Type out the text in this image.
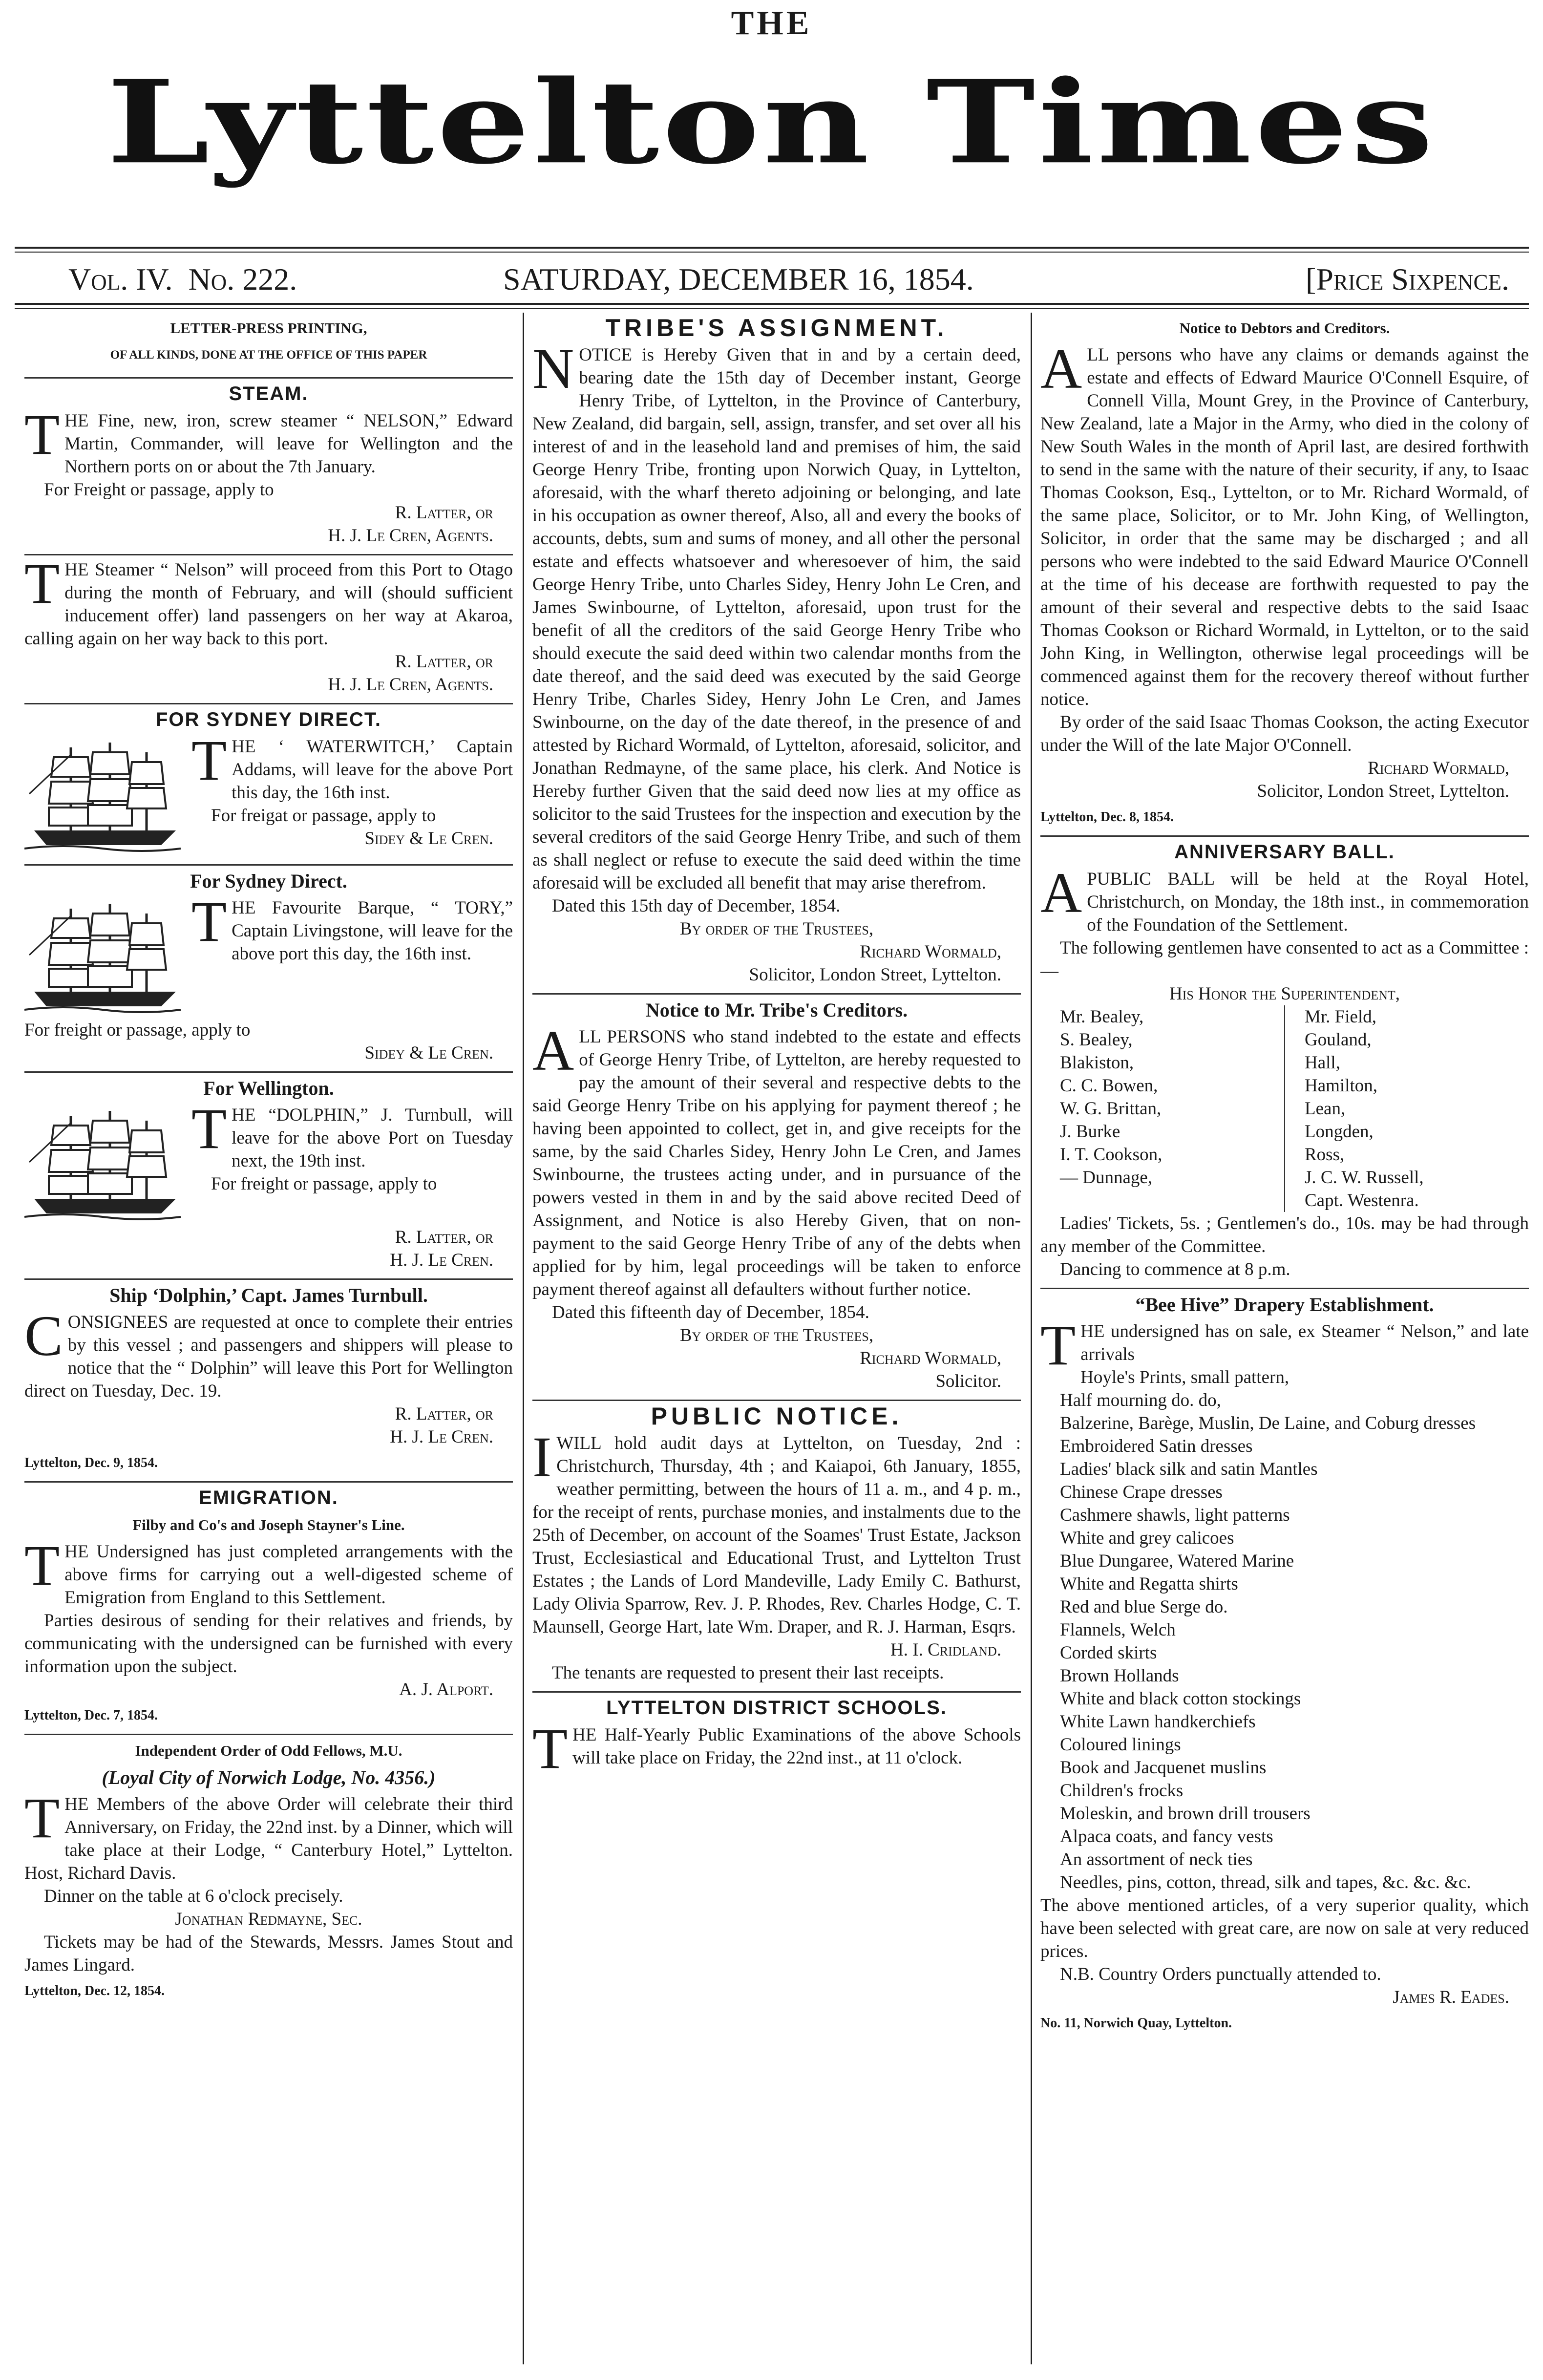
THE
Lyttelton Times
Vol. IV. No. 222.	SATURDAY, DECEMBER 16, 1854.	[Price Sixpence.
LETTER-PRESS PRINTING,
OF ALL KINDS, DONE AT THE OFFICE OF THIS PAPER
STEAM.

THE Fine, new, iron, screw steamer “ NELSON,” Edward Martin, Commander, will leave for Wellington and the Northern ports on or about the 7th January.

For Freight or passage, apply to

R. Latter, or
H. J. Le Cren, Agents.

THE Steamer “ Nelson” will proceed from this Port to Otago during the month of February, and will (should sufficient inducement offer) land passengers on her way at Akaroa, calling again on her way back to this port.

R. Latter, or
H. J. Le Cren, Agents.
FOR SYDNEY DIRECT.

THE ‘ WATERWITCH,’ Captain Addams, will leave for the above Port this day, the 16th inst.

For freigat or passage, apply to

Sidey & Le Cren.
For Sydney Direct.

THE Favourite Barque, “ TORY,” Captain Livingstone, will leave for the above port this day, the 16th inst.

For freight or passage, apply to

Sidey & Le Cren.
For Wellington.

THE “DOLPHIN,” J. Turnbull, will leave for the above Port on Tuesday next, the 19th inst.

For freight or passage, apply to

R. Latter, or
H. J. Le Cren.
Ship ‘Dolphin,’ Capt. James Turnbull.

CONSIGNEES are requested at once to complete their entries by this vessel ; and passengers and shippers will please to notice that the “ Dolphin” will leave this Port for Wellington direct on Tuesday, Dec. 19.

R. Latter, or
H. J. Le Cren.
Lyttelton, Dec. 9, 1854.
EMIGRATION.
Filby and Co's and Joseph Stayner's Line.

THE Undersigned has just completed arrangements with the above firms for carrying out a well-digested scheme of Emigration from England to this Settlement.

Parties desirous of sending for their relatives and friends, by communicating with the undersigned can be furnished with every information upon the subject.

A. J. Alport.
Lyttelton, Dec. 7, 1854.
Independent Order of Odd Fellows, M.U.
(Loyal City of Norwich Lodge, No. 4356.)

THE Members of the above Order will celebrate their third Anniversary, on Friday, the 22nd inst. by a Dinner, which will take place at their Lodge, “ Canterbury Hotel,” Lyttelton. Host, Richard Davis.

Dinner on the table at 6 o'clock precisely.

Jonathan Redmayne, Sec.

Tickets may be had of the Stewards, Messrs. James Stout and James Lingard.

Lyttelton, Dec. 12, 1854.
TRIBE'S ASSIGNMENT.

NOTICE is Hereby Given that in and by a certain deed, bearing date the 15th day of December instant, George Henry Tribe, of Lyttelton, in the Province of Canterbury, New Zealand, did bargain, sell, assign, transfer, and set over all his interest of and in the leasehold land and premises of him, the said George Henry Tribe, fronting upon Norwich Quay, in Lyttelton, aforesaid, with the wharf thereto adjoining or belonging, and late in his occupation as owner thereof, Also, all and every the books of accounts, debts, sum and sums of money, and all other the personal estate and effects whatsoever and wheresoever of him, the said George Henry Tribe, unto Charles Sidey, Henry John Le Cren, and James Swinbourne, of Lyttelton, aforesaid, upon trust for the benefit of all the creditors of the said George Henry Tribe who should execute the said deed within two calendar months from the date thereof, and the said deed was executed by the said George Henry Tribe, Charles Sidey, Henry John Le Cren, and James Swinbourne, on the day of the date thereof, in the presence of and attested by Richard Wormald, of Lyttelton, aforesaid, solicitor, and Jonathan Redmayne, of the same place, his clerk. And Notice is Hereby further Given that the said deed now lies at my office as solicitor to the said Trustees for the inspection and execution by the several creditors of the said George Henry Tribe, and such of them as shall neglect or refuse to execute the said deed within the time aforesaid will be excluded all benefit that may arise therefrom.

Dated this 15th day of December, 1854.

By order of the Trustees,
Richard Wormald,
Solicitor, London Street, Lyttelton.
Notice to Mr. Tribe's Creditors.

ALL PERSONS who stand indebted to the estate and effects of George Henry Tribe, of Lyttelton, are hereby requested to pay the amount of their several and respective debts to the said George Henry Tribe on his applying for payment thereof ; he having been appointed to collect, get in, and give receipts for the same, by the said Charles Sidey, Henry John Le Cren, and James Swinbourne, the trustees acting under, and in pursuance of the powers vested in them in and by the said above recited Deed of Assignment, and Notice is also Hereby Given, that on non-payment to the said George Henry Tribe of any of the debts when applied for by him, legal proceedings will be taken to enforce payment thereof against all defaulters without further notice.

Dated this fifteenth day of December, 1854.

By order of the Trustees,
Richard Wormald,
Solicitor.
PUBLIC NOTICE.

IWILL hold audit days at Lyttelton, on Tuesday, 2nd : Christchurch, Thursday, 4th ; and Kaiapoi, 6th January, 1855, weather permitting, between the hours of 11 a. m., and 4 p. m., for the receipt of rents, purchase monies, and instalments due to the 25th of December, on account of the Soames' Trust Estate, Jackson Trust, Ecclesiastical and Educational Trust, and Lyttelton Trust Estates ; the Lands of Lord Mandeville, Lady Emily C. Bathurst, Lady Olivia Sparrow, Rev. J. P. Rhodes, Rev. Charles Hodge, C. T. Maunsell, George Hart, late Wm. Draper, and R. J. Harman, Esqrs.

H. I. Cridland.

The tenants are requested to present their last receipts.

LYTTELTON DISTRICT SCHOOLS.

THE Half-Yearly Public Examinations of the above Schools will take place on Friday, the 22nd inst., at 11 o'clock.

Notice to Debtors and Creditors.

ALL persons who have any claims or demands against the estate and effects of Edward Maurice O'Connell Esquire, of Connell Villa, Mount Grey, in the Province of Canterbury, New Zealand, late a Major in the Army, who died in the colony of New South Wales in the month of April last, are desired forthwith to send in the same with the nature of their security, if any, to Isaac Thomas Cookson, Esq., Lyttelton, or to Mr. Richard Wormald, of the same place, Solicitor, or to Mr. John King, of Wellington, Solicitor, in order that the same may be discharged ; and all persons who were indebted to the said Edward Maurice O'Connell at the time of his decease are forthwith requested to pay the amount of their several and respective debts to the said Isaac Thomas Cookson or Richard Wormald, in Lyttelton, or to the said John King, in Wellington, otherwise legal proceedings will be commenced against them for the recovery thereof without further notice.

By order of the said Isaac Thomas Cookson, the acting Executor under the Will of the late Major O'Connell.

Richard Wormald,
Solicitor, London Street, Lyttelton.
Lyttelton, Dec. 8, 1854.
ANNIVERSARY BALL.

APUBLIC BALL will be held at the Royal Hotel, Christchurch, on Monday, the 18th inst., in commemoration of the Foundation of the Settlement.

The following gentlemen have consented to act as a Committee :—

His Honor the Superintendent,
Mr. Bealey,
S. Bealey,
Blakiston,
C. C. Bowen,
W. G. Brittan,
J. Burke
I. T. Cookson,
— Dunnage,
Mr. Field,
Gouland,
Hall,
Hamilton,
Lean,
Longden,
Ross,
J. C. W. Russell,
Capt. Westenra.

Ladies' Tickets, 5s. ; Gentlemen's do., 10s. may be had through any member of the Committee.

Dancing to commence at 8 p.m.

“Bee Hive” Drapery Establishment.

THE undersigned has on sale, ex Steamer “ Nelson,” and late arrivals

Hoyle's Prints, small pattern,
Half mourning do. do,
Balzerine, Barège, Muslin, De Laine, and Coburg dresses
Embroidered Satin dresses
Ladies' black silk and satin Mantles
Chinese Crape dresses
Cashmere shawls, light patterns
White and grey calicoes
Blue Dungaree, Watered Marine
White and Regatta shirts
Red and blue Serge do.
Flannels, Welch
Corded skirts
Brown Hollands
White and black cotton stockings
White Lawn handkerchiefs
Coloured linings
Book and Jacquenet muslins
Children's frocks
Moleskin, and brown drill trousers
Alpaca coats, and fancy vests
An assortment of neck ties
Needles, pins, cotton, thread, silk and tapes, &c. &c. &c.

The above mentioned articles, of a very superior quality, which have been selected with great care, are now on sale at very reduced prices.

N.B. Country Orders punctually attended to.

James R. Eades.
No. 11, Norwich Quay, Lyttelton.
